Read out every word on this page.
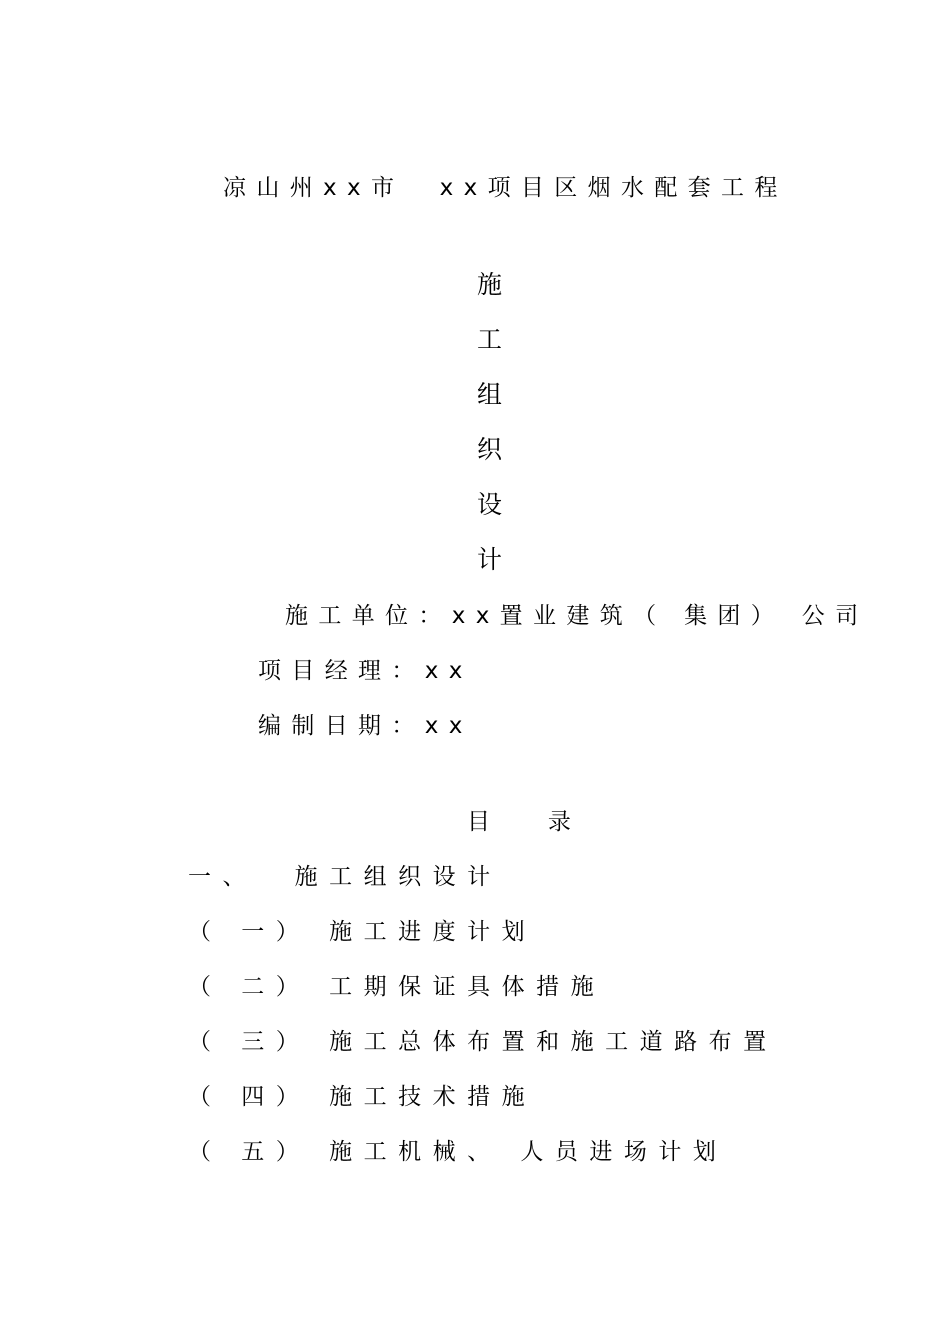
凉山州xx市  xx项目区烟水配套工程
施
工
组
织
设
计
施工单位：xx置业建筑（ 集团） 公司
项目经理：xx
编制日期：xx
目 录
一、  施工组织设计
（ 一） 施工进度计划
（ 二） 工期保证具体措施
（ 三） 施工总体布置和施工道路布置
（ 四） 施工技术措施
（ 五） 施工机械、 人员进场计划
